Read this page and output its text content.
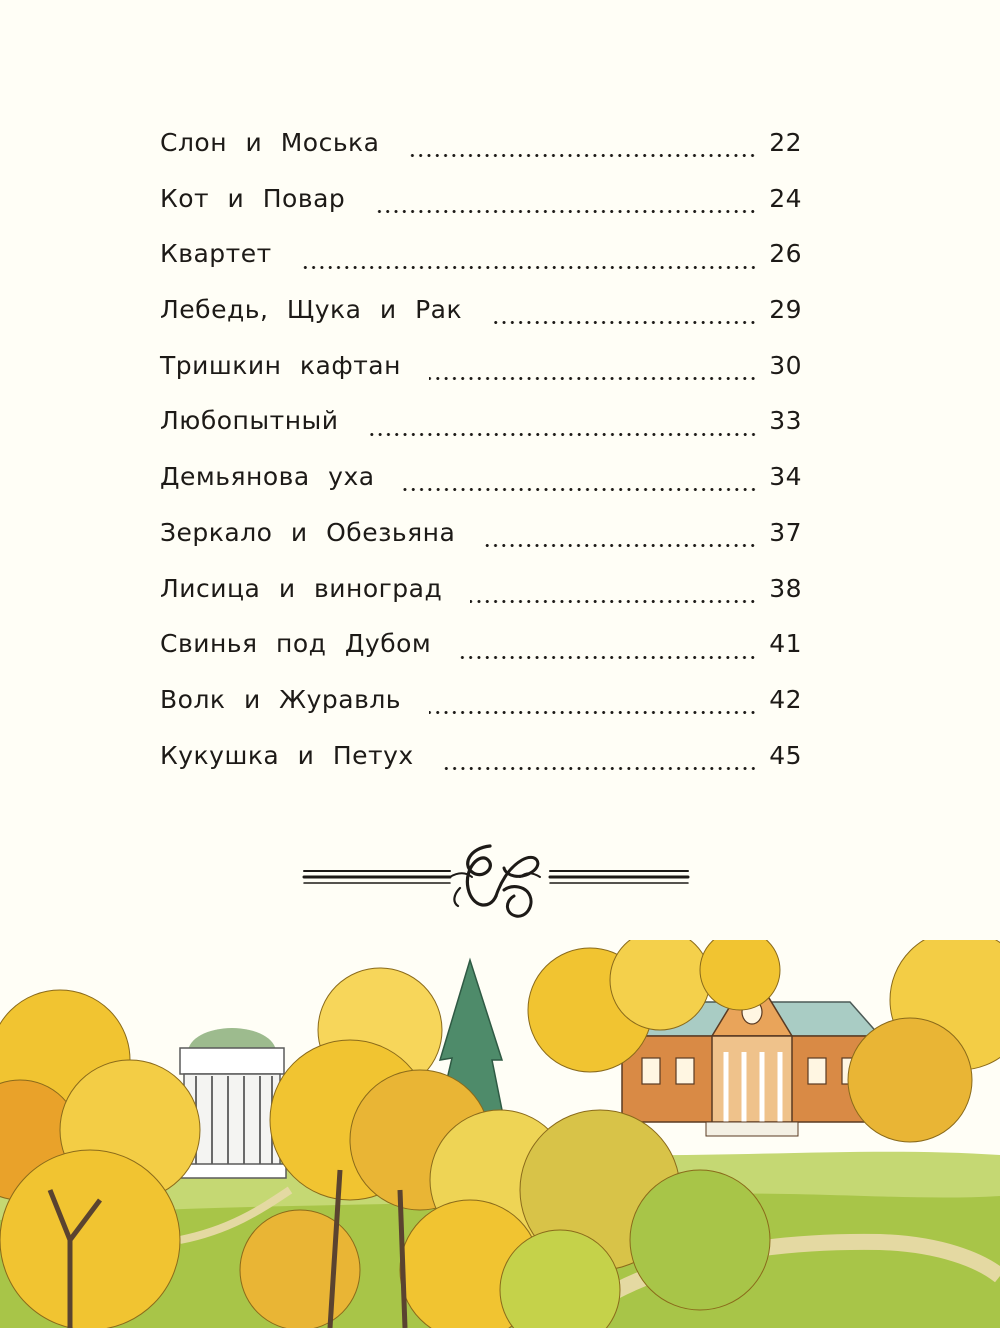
Слон и Моська	22
Кот и Повар	24
Квартет	26
Лебедь, Щука и Рак	29
Тришкин кафтан	30
Любопытный	33
Демьянова уха	34
Зеркало и Обезьяна	37
Лисица и виноград	38
Свинья под Дубом	41
Волк и Журавль	42
Кукушка и Петух	45
